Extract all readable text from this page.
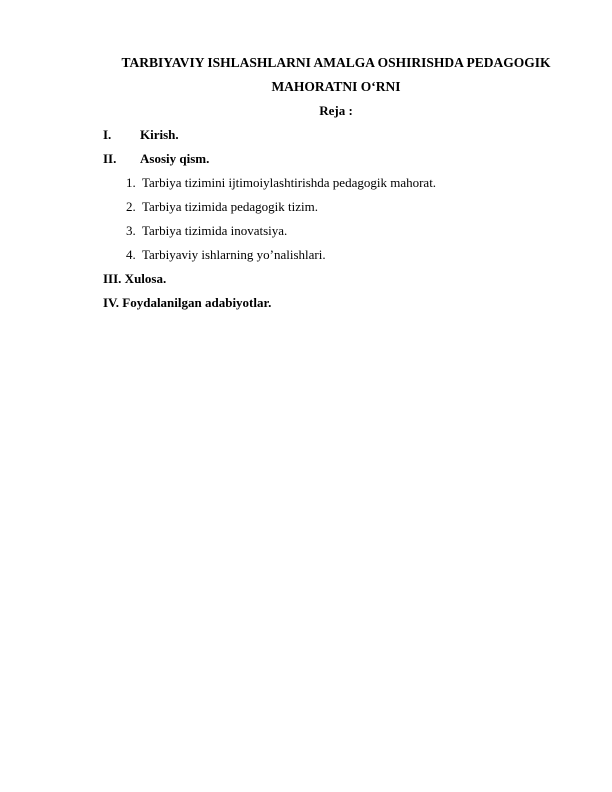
TARBIYAVIY ISHLASHLARNI AMALGA OSHIRISHDA PEDAGOGIK
MAHORATNI O‘RNI
Reja :
I. Kirish.
II. Asosiy qism.
1. Tarbiya tizimini ijtimoiylashtirishda pedagogik mahorat.
2. Tarbiya tizimida pedagogik tizim.
3. Tarbiya tizimida inovatsiya.
4. Tarbiyaviy ishlarning yo’nalishlari.
III. Xulosa.
IV. Foydalanilgan adabiyotlar.
